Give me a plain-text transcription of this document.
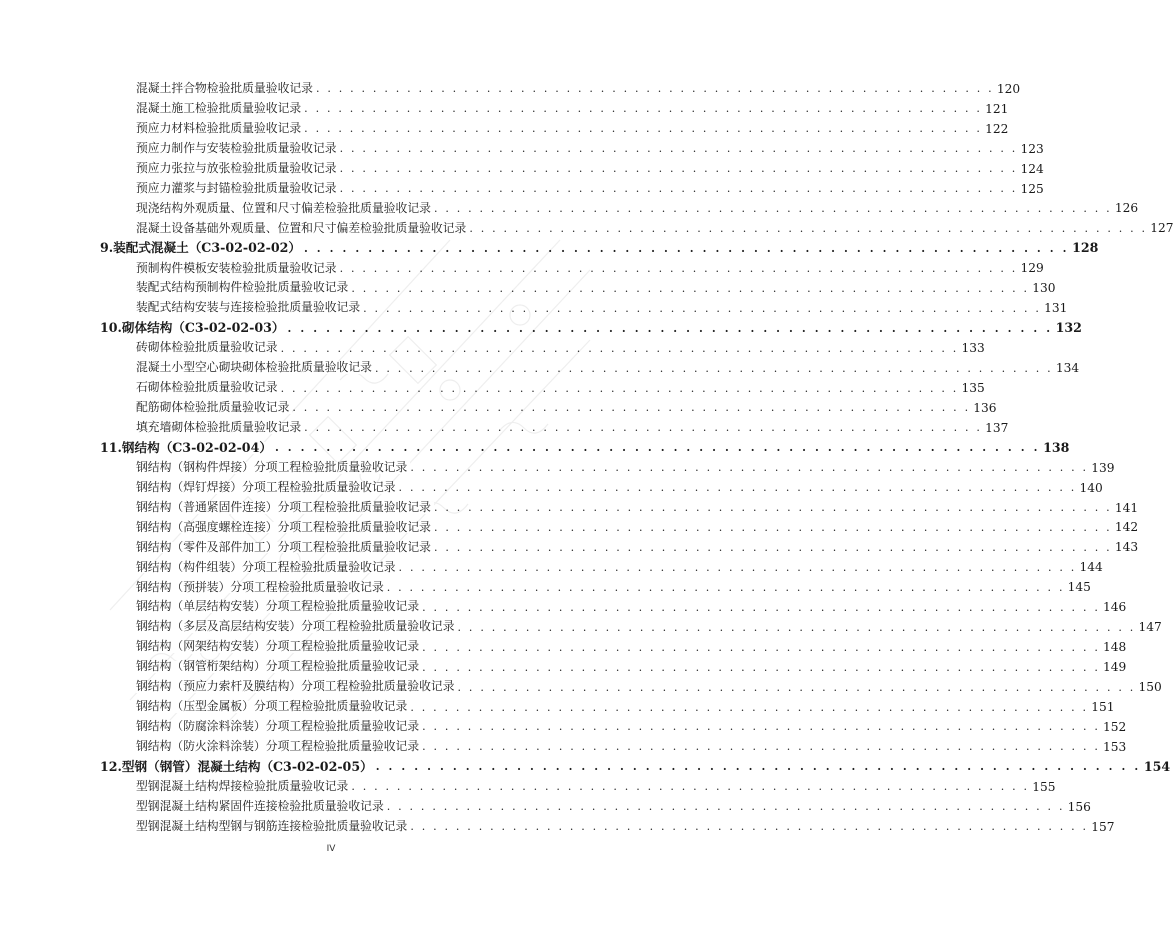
混凝土拌合物检验批质量验收记录 . . . . . . . . . . . . . . . . . . . . . . . . . . . . . . . . . . . . . . . . . . . . . . . . . . . . . . . . . . . . 120
混凝土施工检验批质量验收记录 . . . . . . . . . . . . . . . . . . . . . . . . . . . . . . . . . . . . . . . . . . . . . . . . . . . . . . . . . . . . 121
预应力材料检验批质量验收记录 . . . . . . . . . . . . . . . . . . . . . . . . . . . . . . . . . . . . . . . . . . . . . . . . . . . . . . . . . . . . 122
预应力制作与安装检验批质量验收记录 . . . . . . . . . . . . . . . . . . . . . . . . . . . . . . . . . . . . . . . . . . . . . . . . . . . . . . . . . . . . 123
预应力张拉与放张检验批质量验收记录 . . . . . . . . . . . . . . . . . . . . . . . . . . . . . . . . . . . . . . . . . . . . . . . . . . . . . . . . . . . . 124
预应力灌浆与封锚检验批质量验收记录 . . . . . . . . . . . . . . . . . . . . . . . . . . . . . . . . . . . . . . . . . . . . . . . . . . . . . . . . . . . . 125
现浇结构外观质量、位置和尺寸偏差检验批质量验收记录 . . . . . . . . . . . . . . . . . . . . . . . . . . . . . . . . . . . . . . . . . . . . . . . . . . . . . . . . . . . . 126
混凝土设备基础外观质量、位置和尺寸偏差检验批质量验收记录 . . . . . . . . . . . . . . . . . . . . . . . . . . . . . . . . . . . . . . . . . . . . . . . . . . . . . . . . . . . . 127
9.装配式混凝土（C3-02-02-02） . . . . . . . . . . . . . . . . . . . . . . . . . . . . . . . . . . . . . . . . . . . . . . . . . . . . . . . . . . . . 128
预制构件模板安装检验批质量验收记录 . . . . . . . . . . . . . . . . . . . . . . . . . . . . . . . . . . . . . . . . . . . . . . . . . . . . . . . . . . . . 129
装配式结构预制构件检验批质量验收记录 . . . . . . . . . . . . . . . . . . . . . . . . . . . . . . . . . . . . . . . . . . . . . . . . . . . . . . . . . . . . 130
装配式结构安装与连接检验批质量验收记录 . . . . . . . . . . . . . . . . . . . . . . . . . . . . . . . . . . . . . . . . . . . . . . . . . . . . . . . . . . . . 131
10.砌体结构（C3-02-02-03） . . . . . . . . . . . . . . . . . . . . . . . . . . . . . . . . . . . . . . . . . . . . . . . . . . . . . . . . . . . . 132
砖砌体检验批质量验收记录 . . . . . . . . . . . . . . . . . . . . . . . . . . . . . . . . . . . . . . . . . . . . . . . . . . . . . . . . . . . . 133
混凝土小型空心砌块砌体检验批质量验收记录 . . . . . . . . . . . . . . . . . . . . . . . . . . . . . . . . . . . . . . . . . . . . . . . . . . . . . . . . . . . . 134
石砌体检验批质量验收记录 . . . . . . . . . . . . . . . . . . . . . . . . . . . . . . . . . . . . . . . . . . . . . . . . . . . . . . . . . . . . 135
配筋砌体检验批质量验收记录 . . . . . . . . . . . . . . . . . . . . . . . . . . . . . . . . . . . . . . . . . . . . . . . . . . . . . . . . . . . . 136
填充墙砌体检验批质量验收记录 . . . . . . . . . . . . . . . . . . . . . . . . . . . . . . . . . . . . . . . . . . . . . . . . . . . . . . . . . . . . 137
11.钢结构（C3-02-02-04） . . . . . . . . . . . . . . . . . . . . . . . . . . . . . . . . . . . . . . . . . . . . . . . . . . . . . . . . . . . . 138
钢结构（钢构件焊接）分项工程检验批质量验收记录 . . . . . . . . . . . . . . . . . . . . . . . . . . . . . . . . . . . . . . . . . . . . . . . . . . . . . . . . . . . . 139
钢结构（焊钉焊接）分项工程检验批质量验收记录 . . . . . . . . . . . . . . . . . . . . . . . . . . . . . . . . . . . . . . . . . . . . . . . . . . . . . . . . . . . . 140
钢结构（普通紧固件连接）分项工程检验批质量验收记录 . . . . . . . . . . . . . . . . . . . . . . . . . . . . . . . . . . . . . . . . . . . . . . . . . . . . . . . . . . . . 141
钢结构（高强度螺栓连接）分项工程检验批质量验收记录 . . . . . . . . . . . . . . . . . . . . . . . . . . . . . . . . . . . . . . . . . . . . . . . . . . . . . . . . . . . . 142
钢结构（零件及部件加工）分项工程检验批质量验收记录 . . . . . . . . . . . . . . . . . . . . . . . . . . . . . . . . . . . . . . . . . . . . . . . . . . . . . . . . . . . . 143
钢结构（构件组装）分项工程检验批质量验收记录 . . . . . . . . . . . . . . . . . . . . . . . . . . . . . . . . . . . . . . . . . . . . . . . . . . . . . . . . . . . . 144
钢结构（预拼装）分项工程检验批质量验收记录 . . . . . . . . . . . . . . . . . . . . . . . . . . . . . . . . . . . . . . . . . . . . . . . . . . . . . . . . . . . . 145
钢结构（单层结构安装）分项工程检验批质量验收记录 . . . . . . . . . . . . . . . . . . . . . . . . . . . . . . . . . . . . . . . . . . . . . . . . . . . . . . . . . . . . 146
钢结构（多层及高层结构安装）分项工程检验批质量验收记录 . . . . . . . . . . . . . . . . . . . . . . . . . . . . . . . . . . . . . . . . . . . . . . . . . . . . . . . . . . . . 147
钢结构（网架结构安装）分项工程检验批质量验收记录 . . . . . . . . . . . . . . . . . . . . . . . . . . . . . . . . . . . . . . . . . . . . . . . . . . . . . . . . . . . . 148
钢结构（钢管桁架结构）分项工程检验批质量验收记录 . . . . . . . . . . . . . . . . . . . . . . . . . . . . . . . . . . . . . . . . . . . . . . . . . . . . . . . . . . . . 149
钢结构（预应力索杆及膜结构）分项工程检验批质量验收记录 . . . . . . . . . . . . . . . . . . . . . . . . . . . . . . . . . . . . . . . . . . . . . . . . . . . . . . . . . . . . 150
钢结构（压型金属板）分项工程检验批质量验收记录 . . . . . . . . . . . . . . . . . . . . . . . . . . . . . . . . . . . . . . . . . . . . . . . . . . . . . . . . . . . . 151
钢结构（防腐涂料涂装）分项工程检验批质量验收记录 . . . . . . . . . . . . . . . . . . . . . . . . . . . . . . . . . . . . . . . . . . . . . . . . . . . . . . . . . . . . 152
钢结构（防火涂料涂装）分项工程检验批质量验收记录 . . . . . . . . . . . . . . . . . . . . . . . . . . . . . . . . . . . . . . . . . . . . . . . . . . . . . . . . . . . . 153
12.型钢（钢管）混凝土结构（C3-02-02-05） . . . . . . . . . . . . . . . . . . . . . . . . . . . . . . . . . . . . . . . . . . . . . . . . . . . . . . . . . . . . 154
型钢混凝土结构焊接检验批质量验收记录 . . . . . . . . . . . . . . . . . . . . . . . . . . . . . . . . . . . . . . . . . . . . . . . . . . . . . . . . . . . . 155
型钢混凝土结构紧固件连接检验批质量验收记录 . . . . . . . . . . . . . . . . . . . . . . . . . . . . . . . . . . . . . . . . . . . . . . . . . . . . . . . . . . . . 156
型钢混凝土结构型钢与钢筋连接检验批质量验收记录 . . . . . . . . . . . . . . . . . . . . . . . . . . . . . . . . . . . . . . . . . . . . . . . . . . . . . . . . . . . . 157
IV
